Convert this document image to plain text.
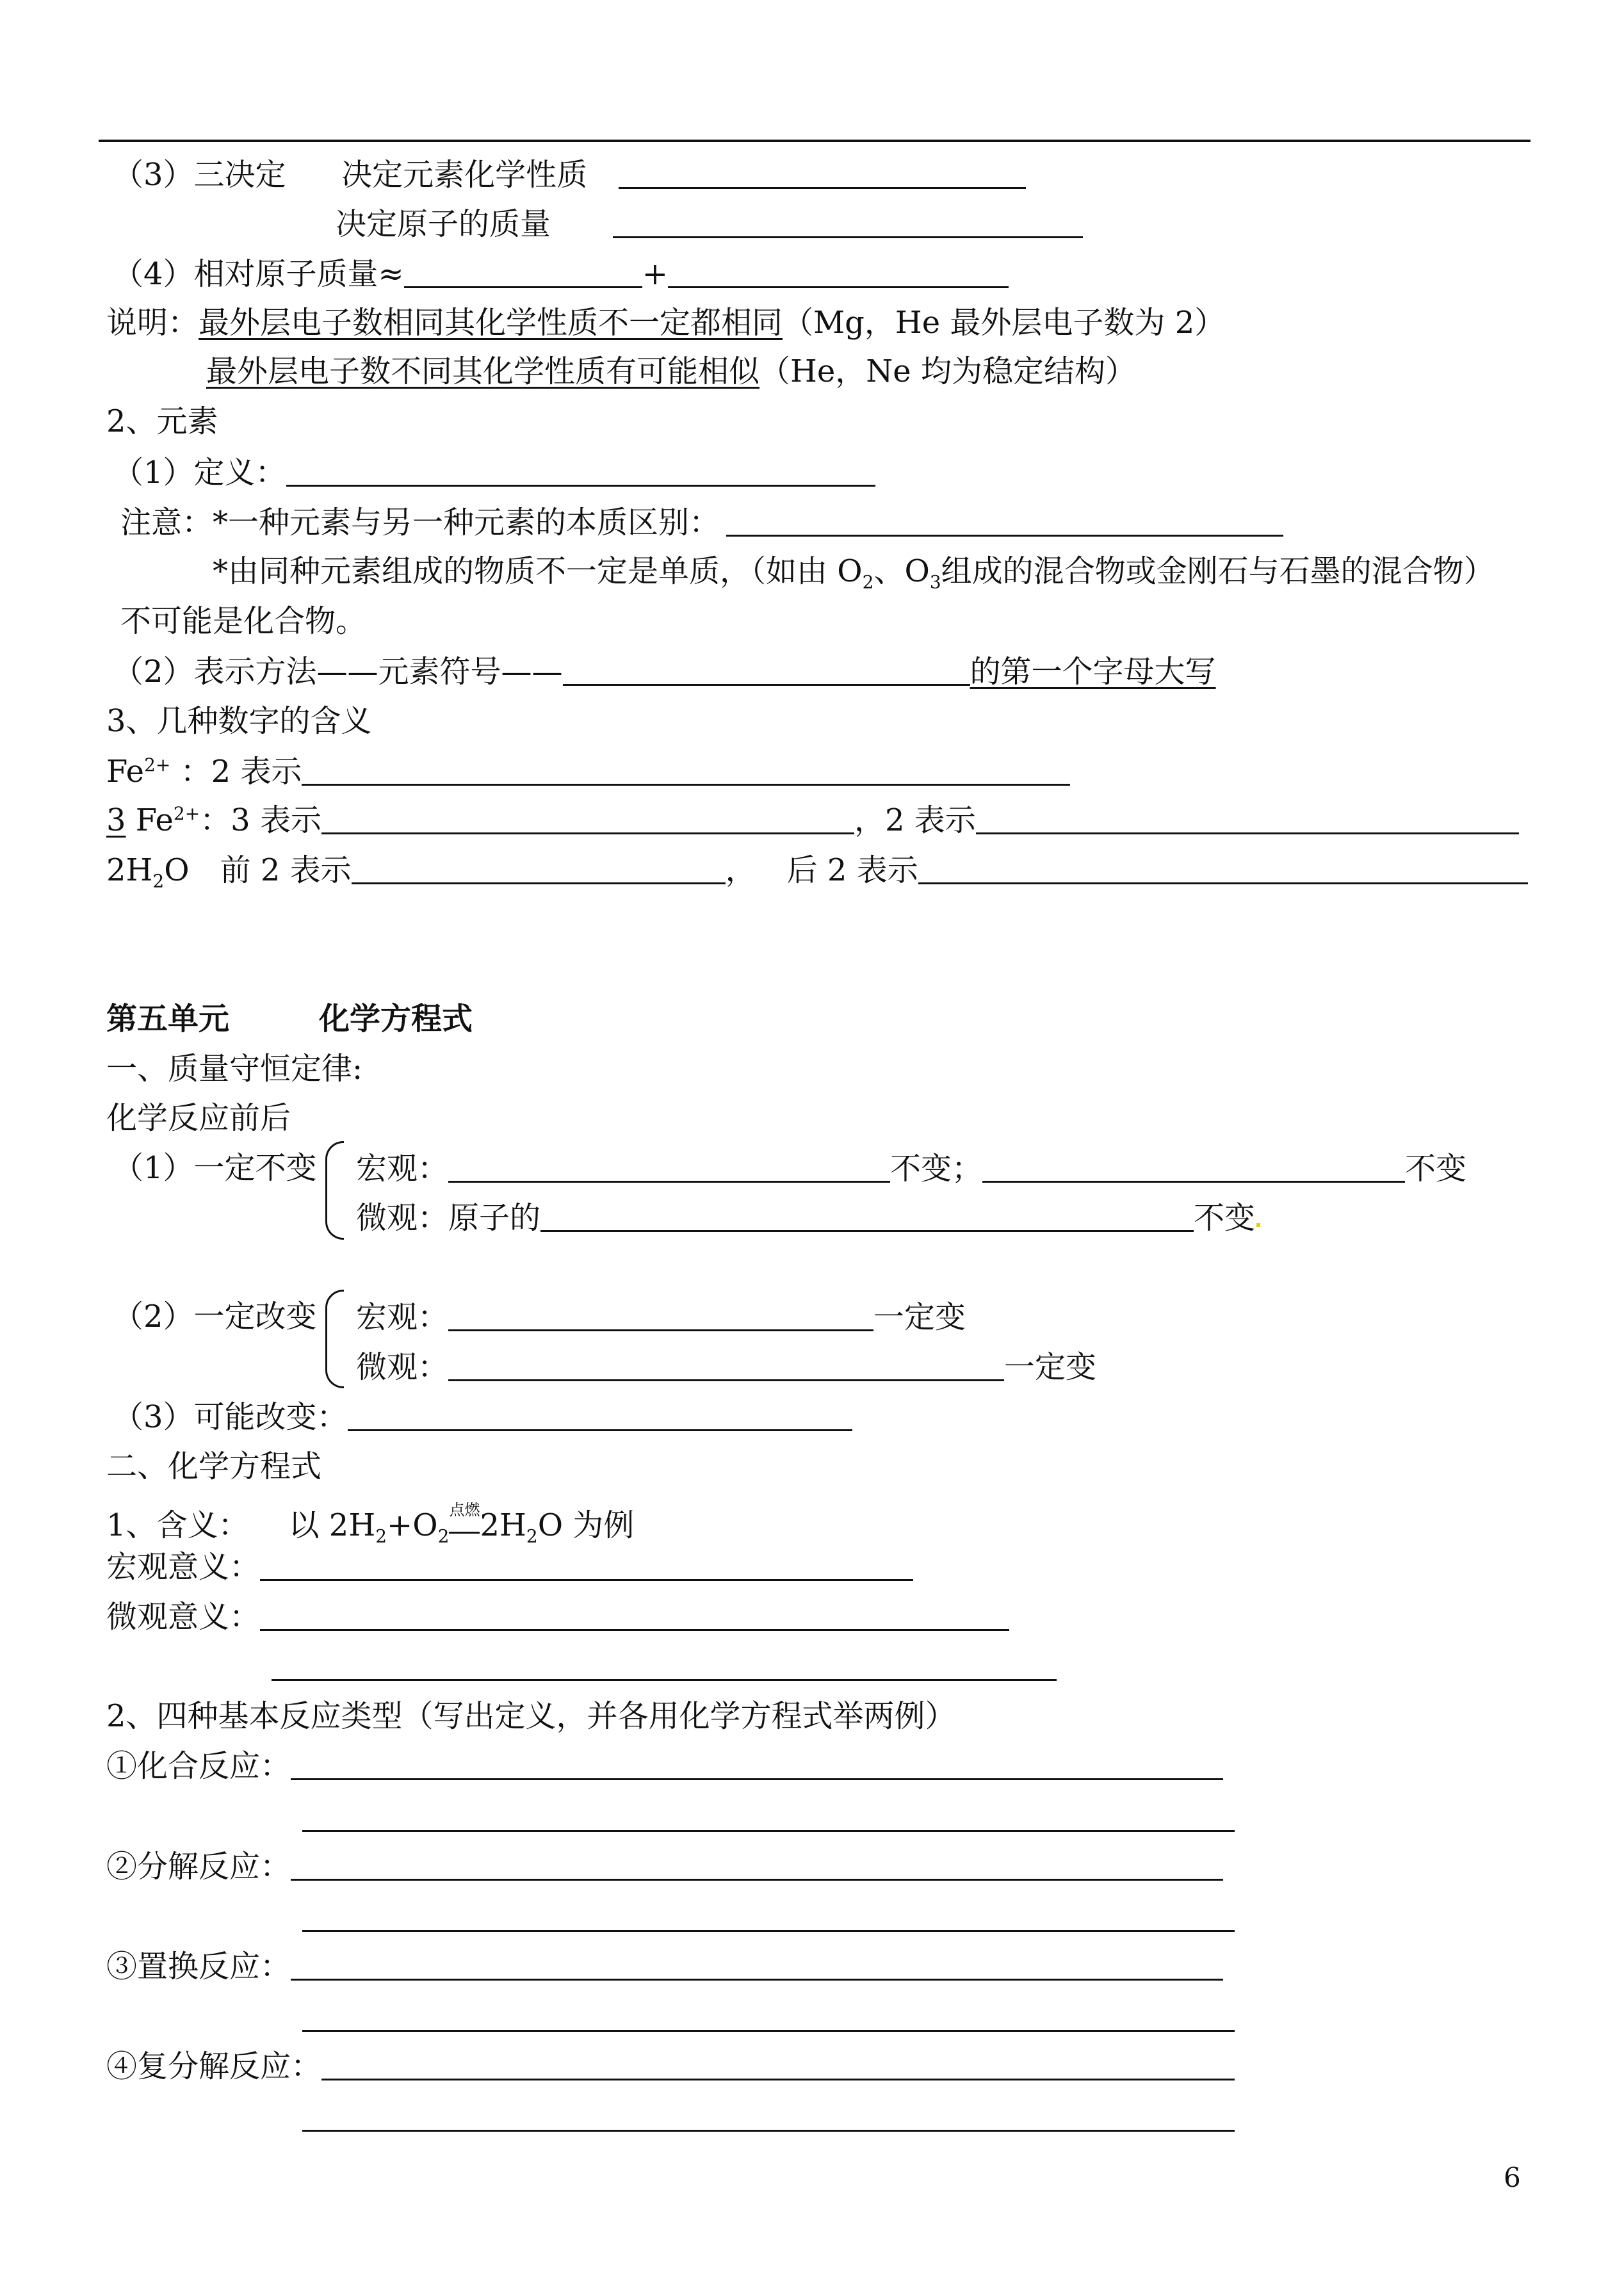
（3）三决定 决定元素化学性质
决定原子的质量
（4）相对原子质量≈	+
说明：最外层电子数相同其化学性质不一定都相同（Mg，He 最外层电子数为 2）
最外层电子数不同其化学性质有可能相似（He，Ne 均为稳定结构）
2、元素
（1）定义：
注意：*一种元素与另一种元素的本质区别：
*由同种元素组成的物质不一定是单质，（如由 $O_2$、$O_3$组成的混合物或金刚石与石墨的混合物）
不可能是化合物。
（2）表示方法——元素符号——	的第一个字母大写
3、几种数字的含义
$Fe^{2+}$ ：2 表示
3 $Fe^{2+}$：3 表示	，2 表示
$2H_2O$ 前 2 表示	， 后 2 表示
第五单元	化学方程式
一、质量守恒定律:
化学反应前后
（1）一定不变 宏观：	不变；	不变
微观：原子的	不变
（2）一定改变 宏观：	一定变
微观：	一定变
（3）可能改变：
二、化学方程式
1、含义： 以 $2H_2+O_2^{点燃}2H_2O$ 为例
宏观意义：
微观意义：
2、四种基本反应类型（写出定义，并各用化学方程式举两例）
①化合反应：
②分解反应：
③置换反应：
④复分解反应：
6
